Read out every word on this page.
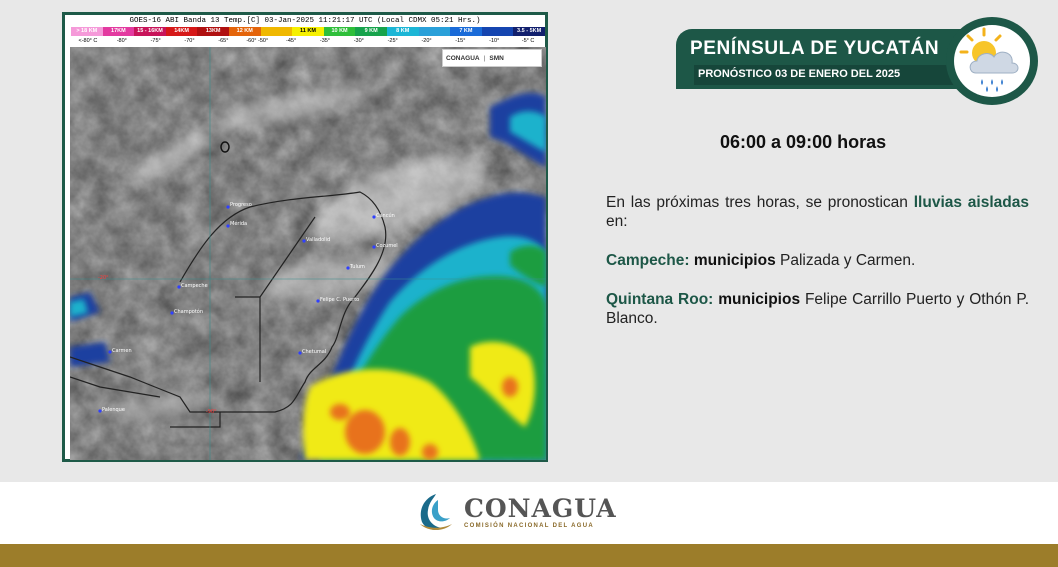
GOES-16 ABI Banda 13 Temp.[C] 03-Jan-2025 11:21:17 UTC (Local CDMX 05:21 Hrs.)
> 18 KM	17KM	15 - 16KM	14KM	13KM	12 KM	11 KM	10 KM	9 KM	8 KM	7 KM	3.5 - 5KM
<-80° C	-80°	-75°	-70°	-65°	-60° -50°	-45°	-35°	-30°	-25°	-20°	-15°	-10°	-5° C
CONAGUA | SMN
Progreso
Mérida
Valladolid
Cancún
Cozumel
Tulum
Campeche
Champotón
Felipe C. Puerto
Carmen	Chetumal
Palenque
-20°
-90°
PENÍNSULA DE YUCATÁN
PRONÓSTICO 03 DE ENERO DEL 2025
06:00 a 09:00 horas
En las próximas tres horas, se pronostican lluvias aisladas en:
Campeche: municipios Palizada y Carmen.
Quintana Roo: municipios Felipe Carrillo Puerto y Othón P. Blanco.
CONAGUA
COMISIÓN NACIONAL DEL AGUA
